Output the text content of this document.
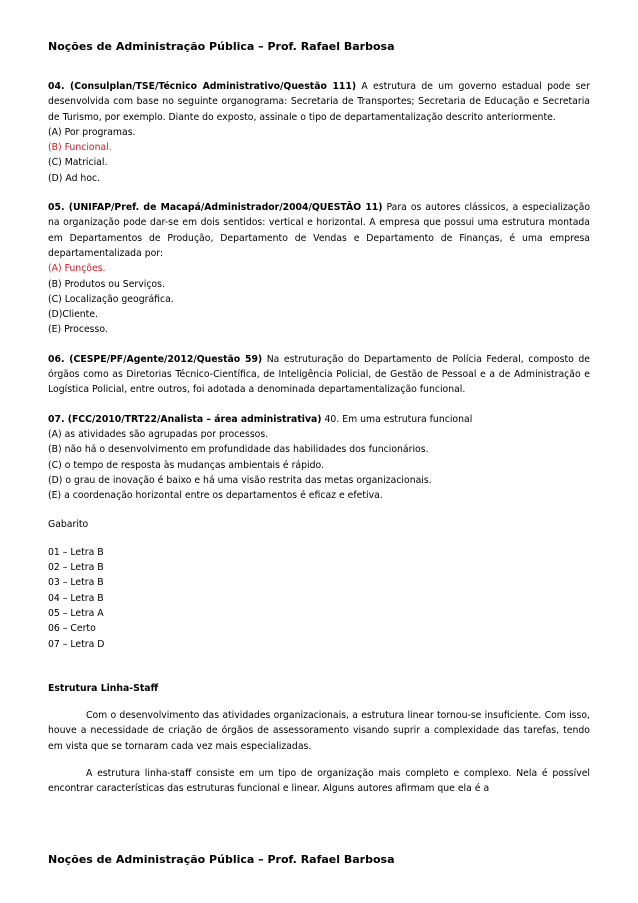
Noções de Administração Pública – Prof. Rafael Barbosa

04. (Consulplan/TSE/Técnico Administrativo/Questão 111) A estrutura de um governo estadual pode ser desenvolvida com base no seguinte organograma: Secretaria de Transportes; Secretaria de Educação e Secretaria de Turismo, por exemplo. Diante do exposto, assinale o tipo de departamentalização descrito anteriormente.

(A) Por programas.
(B) Funcional.
(C) Matricial.
(D) Ad hoc.

05. (UNIFAP/Pref. de Macapá/Administrador/2004/QUESTÃO 11) Para os autores clássicos, a especialização na organização pode dar-se em dois sentidos: vertical e horizontal. A empresa que possui uma estrutura montada em Departamentos de Produção, Departamento de Vendas e Departamento de Finanças, é uma empresa departamentalizada por:

(A) Funções.
(B) Produtos ou Serviços.
(C) Localização geográfica.
(D)Cliente.
(E) Processo.

06. (CESPE/PF/Agente/2012/Questão 59) Na estruturação do Departamento de Polícia Federal, composto de órgãos como as Diretorias Técnico-Científica, de Inteligência Policial, de Gestão de Pessoal e a de Administração e Logística Policial, entre outros, foi adotada a denominada departamentalização funcional.

07. (FCC/2010/TRT22/Analista – área administrativa) 40. Em uma estrutura funcional

(A) as atividades são agrupadas por processos.
(B) não há o desenvolvimento em profundidade das habilidades dos funcionários.
(C) o tempo de resposta às mudanças ambientais é rápido.
(D) o grau de inovação é baixo e há uma visão restrita das metas organizacionais.
(E) a coordenação horizontal entre os departamentos é eficaz e efetiva.

Gabarito

01 – Letra B
02 – Letra B
03 – Letra B
04 – Letra B
05 – Letra A
06 – Certo
07 – Letra D
Estrutura Linha-Staff

Com o desenvolvimento das atividades organizacionais, a estrutura linear tornou-se insuficiente. Com isso, houve a necessidade de criação de órgãos de assessoramento visando suprir a complexidade das tarefas, tendo em vista que se tornaram cada vez mais especializadas.

A estrutura linha-staff consiste em um tipo de organização mais completo e complexo. Nela é possível encontrar características das estruturas funcional e linear. Alguns autores afirmam que ela é a

Noções de Administração Pública – Prof. Rafael Barbosa
